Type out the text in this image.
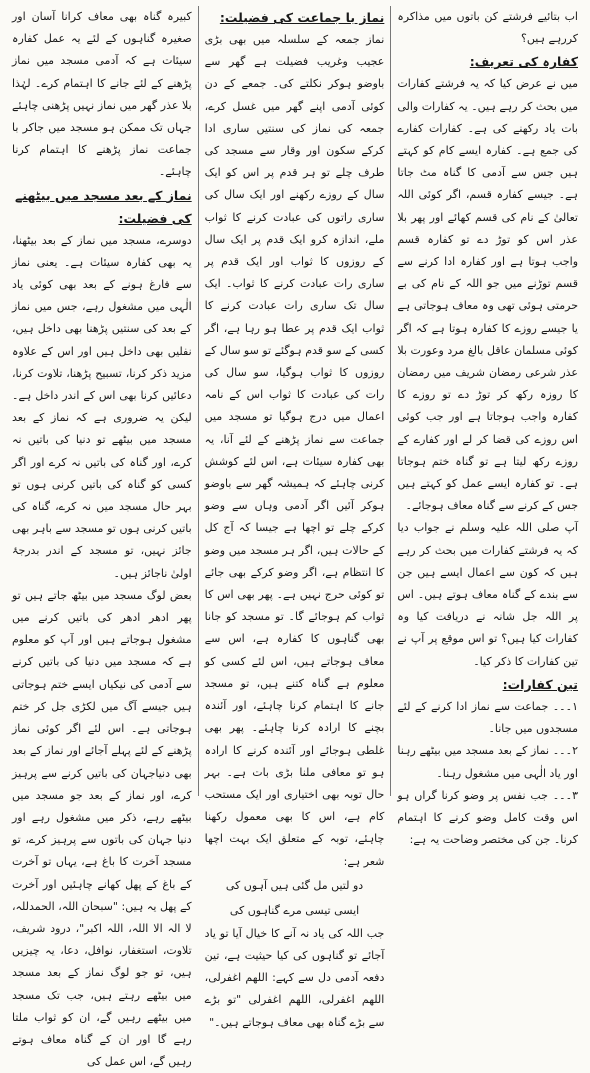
اب بتائیے فرشتے کن باتوں میں مذاکرہ کررہے ہیں؟

کفارہ کی تعریف:

میں نے عرض کیا کہ یہ فرشتے کفارات میں بحث کر رہے ہیں۔ یہ کفارات والی بات یاد رکھنے کی ہے۔ کفارات کفارے کی جمع ہے۔ کفارہ ایسے کام کو کہتے ہیں جس سے آدمی کا گناہ مٹ جاتا ہے۔ جیسے کفارہ قسم، اگر کوئی اللہ تعالیٰ کے نام کی قسم کھائے اور پھر بلا عذر اس کو توڑ دے تو کفارہ قسم واجب ہوتا ہے اور کفارہ ادا کرنے سے قسم توڑنے میں جو اللہ کے نام کی بے حرمتی ہوئی تھی وہ معاف ہوجاتی ہے یا جیسے روزے کا کفارہ ہوتا ہے کہ اگر کوئی مسلمان عاقل بالغ مرد وعورت بلا عذر شرعی رمضان شریف میں رمضان کا روزہ رکھ کر توڑ دے تو روزے کا کفارہ واجب ہوجاتا ہے اور جب کوئی اس روزے کی قضا کر لے اور کفارے کے روزے رکھ لیتا ہے تو گناہ ختم ہوجاتا ہے۔ تو کفارہ ایسے عمل کو کہتے ہیں جس کے کرنے سے گناہ معاف ہوجائے۔

آپ صلی اللہ علیہ وسلم نے جواب دیا کہ یہ فرشتے کفارات میں بحث کر رہے ہیں کہ کون سے اعمال ایسے ہیں جن سے بندے کے گناہ معاف ہوتے ہیں۔ اس پر اللہ جل شانہ نے دریافت کیا وہ کفارات کیا ہیں؟ تو اس موقع پر آپ نے تین کفارات کا ذکر کیا۔

تین کفارات:

١۔۔۔ جماعت سے نماز ادا کرنے کے لئے مسجدوں میں جانا۔

٢۔۔۔ نماز کے بعد مسجد میں بیٹھے رہنا اور یاد الٰہی میں مشغول رہنا۔

٣۔۔۔ جب نفس پر وضو کرنا گراں ہو اس وقت کامل وضو کرنے کا اہتمام کرنا۔ جن کی مختصر وضاحت یہ ہے:

نماز با جماعت کی فضیلت:

نماز جمعہ کے سلسلہ میں بھی بڑی عجیب وغریب فضیلت ہے گھر سے باوضو ہوکر نکلتے کی۔ جمعے کے دن کوئی آدمی اپنے گھر میں غسل کرے، جمعہ کی نماز کی سنتیں ساری ادا کرکے سکون اور وقار سے مسجد کی طرف چلے تو ہر قدم پر اس کو ایک سال کے روزے رکھنے اور ایک سال کی ساری راتوں کی عبادت کرنے کا ثواب ملے، اندازہ کرو ایک قدم پر ایک سال کے روزوں کا ثواب اور ایک قدم پر ساری رات عبادت کرنے کا ثواب۔ ایک سال تک ساری رات عبادت کرنے کا ثواب ایک قدم پر عطا ہو رہا ہے، اگر کسی کے سو قدم ہوگئے تو سو سال کے روزوں کا ثواب ہوگیا، سو سال کی رات کی عبادت کا ثواب اس کے نامہ اعمال میں درج ہوگیا تو مسجد میں جماعت سے نماز پڑھنے کے لئے آنا، یہ بھی کفارہ سیئات ہے، اس لئے کوشش کرنی چاہئے کہ ہمیشہ گھر سے باوضو ہوکر آئیں اگر آدمی وہاں سے وضو کرکے چلے تو اچھا ہے جیسا کہ آج کل کے حالات ہیں، اگر ہر مسجد میں وضو کا انتظام ہے، اگر وضو کرکے بھی جائے تو کوئی حرج نہیں ہے۔ پھر بھی اس کا ثواب کم ہوجائے گا۔ تو مسجد کو جانا بھی گناہوں کا کفارہ ہے، اس سے معاف ہوجاتے ہیں، اس لئے کسی کو معلوم ہے گناہ کتنے ہیں، تو مسجد جانے کا اہتمام کرنا چاہئے، اور آئندہ بچنے کا ارادہ کرنا چاہئے۔ پھر بھی غلطی ہوجائے اور آئندہ کرنے کا ارادہ ہو تو معافی ملنا بڑی بات ہے۔ بہر حال توبہ بھی اختیاری اور ایک مستحب کام ہے، اس کا بھی معمول رکھنا چاہئے، توبہ کے متعلق ایک بہت اچھا شعر ہے:

دو لتیں مل گئی ہیں آہوں کی

ایسی تیسی مرے گناہوں کی

جب اللہ کی یاد نہ آنے کا خیال آیا تو یاد آجائے تو گناہوں کی کیا حیثیت ہے، تین دفعہ آدمی دل سے کہے: اللھم اغفرلی، اللھم اغفرلی، اللھم اغفرلی "تو بڑے سے بڑے گناہ بھی معاف ہوجاتے ہیں۔"

کبیرہ گناہ بھی معاف کرانا آسان اور صغیرہ گناہوں کے لئے یہ عمل کفارہ سیئات ہے کہ آدمی مسجد میں نماز پڑھنے کے لئے جانے کا اہتمام کرے۔ لہٰذا بلا عذر گھر میں نماز نہیں پڑھنی چاہئے جہاں تک ممکن ہو مسجد میں جاکر با جماعت نماز پڑھنے کا اہتمام کرنا چاہئے۔

نماز کے بعد مسجد میں بیٹھنے کی فضیلت:

دوسرے، مسجد میں نماز کے بعد بیٹھنا، یہ بھی کفارہ سیئات ہے۔ یعنی نماز سے فارغ ہونے کے بعد بھی کوئی یاد الٰہی میں مشغول رہے، جس میں نماز کے بعد کی سنتیں پڑھنا بھی داخل ہیں، نفلیں بھی داخل ہیں اور اس کے علاوہ مزید ذکر کرنا، تسبیح پڑھنا، تلاوت کرنا، دعائیں کرنا بھی اس کے اندر داخل ہے۔ لیکن یہ ضروری ہے کہ نماز کے بعد مسجد میں بیٹھے تو دنیا کی باتیں نہ کرے، اور گناہ کی باتیں نہ کرے اور اگر کسی کو گناہ کی باتیں کرنی ہوں تو بہر حال مسجد میں نہ کرے، گناہ کی باتیں کرنی ہوں تو مسجد سے باہر بھی جائز نہیں، تو مسجد کے اندر بدرجۂ اولیٰ ناجائز ہیں۔

بعض لوگ مسجد میں بیٹھ جاتے ہیں تو پھر ادھر ادھر کی باتیں کرنے میں مشغول ہوجاتے ہیں اور آپ کو معلوم ہے کہ مسجد میں دنیا کی باتیں کرنے سے آدمی کی نیکیاں ایسے ختم ہوجاتی ہیں جیسے آگ میں لکڑی جل کر ختم ہوجاتی ہے۔ اس لئے اگر کوئی نماز پڑھنے کے لئے پہلے آجائے اور نماز کے بعد بھی دنیاجہان کی باتیں کرنے سے پرہیز کرے، اور نماز کے بعد جو مسجد میں بیٹھے رہے، ذکر میں مشغول رہے اور دنیا جہان کی باتوں سے پرہیز کرے، تو مسجد آخرت کا باغ ہے، یہاں تو آخرت کے باغ کے پھل کھانے چاہئیں اور آخرت کے پھل یہ ہیں: "سبحان اللہ، الحمدللہ، لا الہ الا اللہ، اللہ اکبر"، درود شریف، تلاوت، استغفار، نوافل، دعا، یہ چیزیں ہیں، تو جو لوگ نماز کے بعد مسجد میں بیٹھے رہتے ہیں، جب تک مسجد میں بیٹھے رہیں گے، ان کو ثواب ملتا رہے گا اور ان کے گناہ معاف ہوتے رہیں گے، اس عمل کی
